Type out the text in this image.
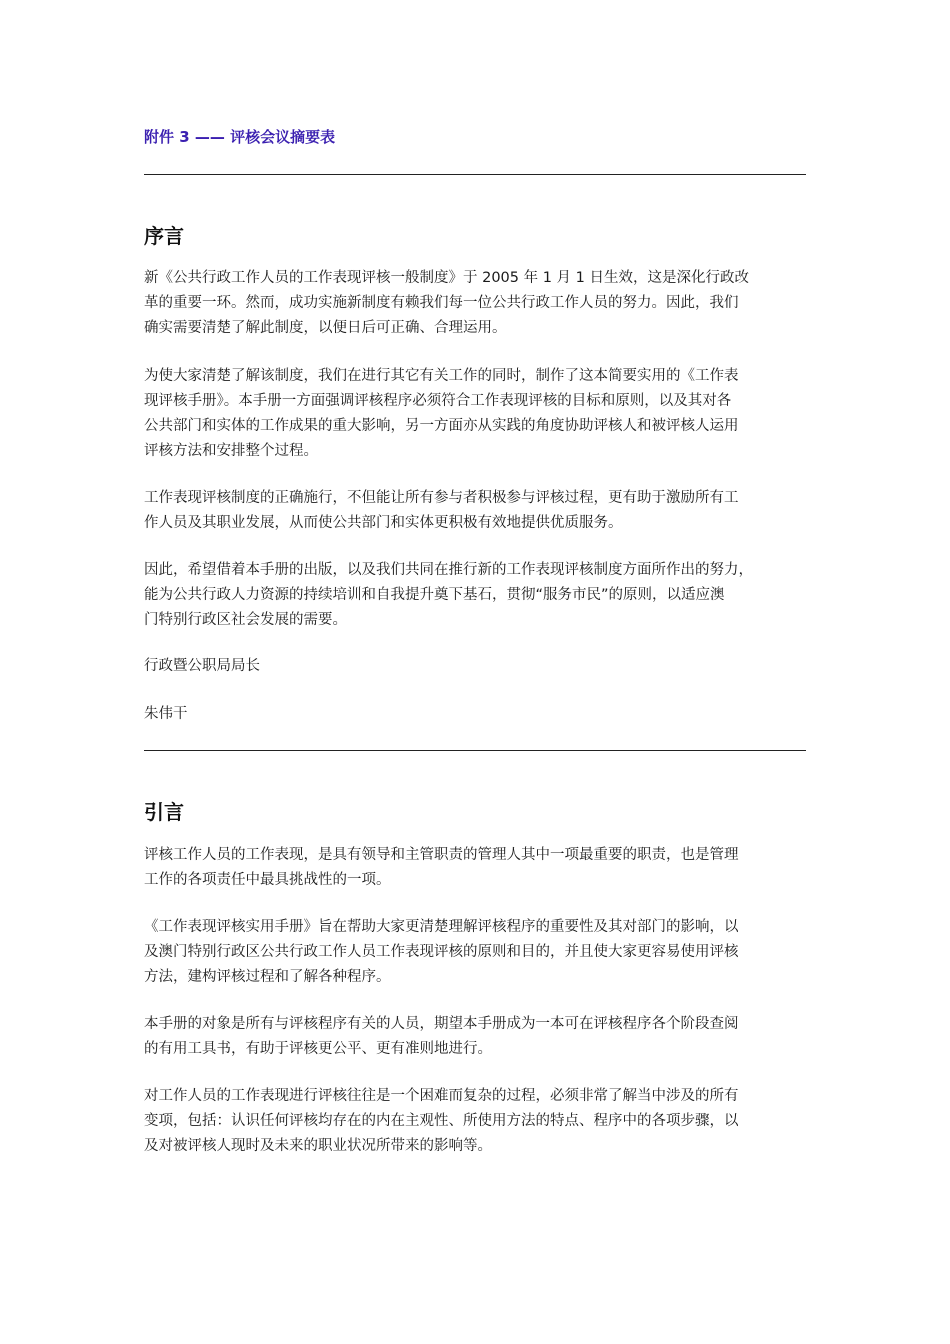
附件 3 —— 评核会议摘要表
序言
新《公共行政工作人员的工作表现评核一般制度》于 2005 年 1 月 1 日生效，这是深化行政改
革的重要一环。然而，成功实施新制度有赖我们每一位公共行政工作人员的努力。因此，我们
确实需要清楚了解此制度，以便日后可正确、合理运用。
为使大家清楚了解该制度，我们在进行其它有关工作的同时，制作了这本简要实用的《工作表
现评核手册》。本手册一方面强调评核程序必须符合工作表现评核的目标和原则，以及其对各
公共部门和实体的工作成果的重大影响，另一方面亦从实践的角度协助评核人和被评核人运用
评核方法和安排整个过程。
工作表现评核制度的正确施行，不但能让所有参与者积极参与评核过程，更有助于激励所有工
作人员及其职业发展，从而使公共部门和实体更积极有效地提供优质服务。
因此，希望借着本手册的出版，以及我们共同在推行新的工作表现评核制度方面所作出的努力，
能为公共行政人力资源的持续培训和自我提升奠下基石，贯彻“服务市民”的原则，以适应澳
门特别行政区社会发展的需要。
行政暨公职局局长
朱伟干
引言
评核工作人员的工作表现，是具有领导和主管职责的管理人其中一项最重要的职责，也是管理
工作的各项责任中最具挑战性的一项。
《工作表现评核实用手册》旨在帮助大家更清楚理解评核程序的重要性及其对部门的影响，以
及澳门特别行政区公共行政工作人员工作表现评核的原则和目的，并且使大家更容易使用评核
方法，建构评核过程和了解各种程序。
本手册的对象是所有与评核程序有关的人员，期望本手册成为一本可在评核程序各个阶段查阅
的有用工具书，有助于评核更公平、更有准则地进行。
对工作人员的工作表现进行评核往往是一个困难而复杂的过程，必须非常了解当中涉及的所有
变项，包括：认识任何评核均存在的内在主观性、所使用方法的特点、程序中的各项步骤，以
及对被评核人现时及未来的职业状况所带来的影响等。
